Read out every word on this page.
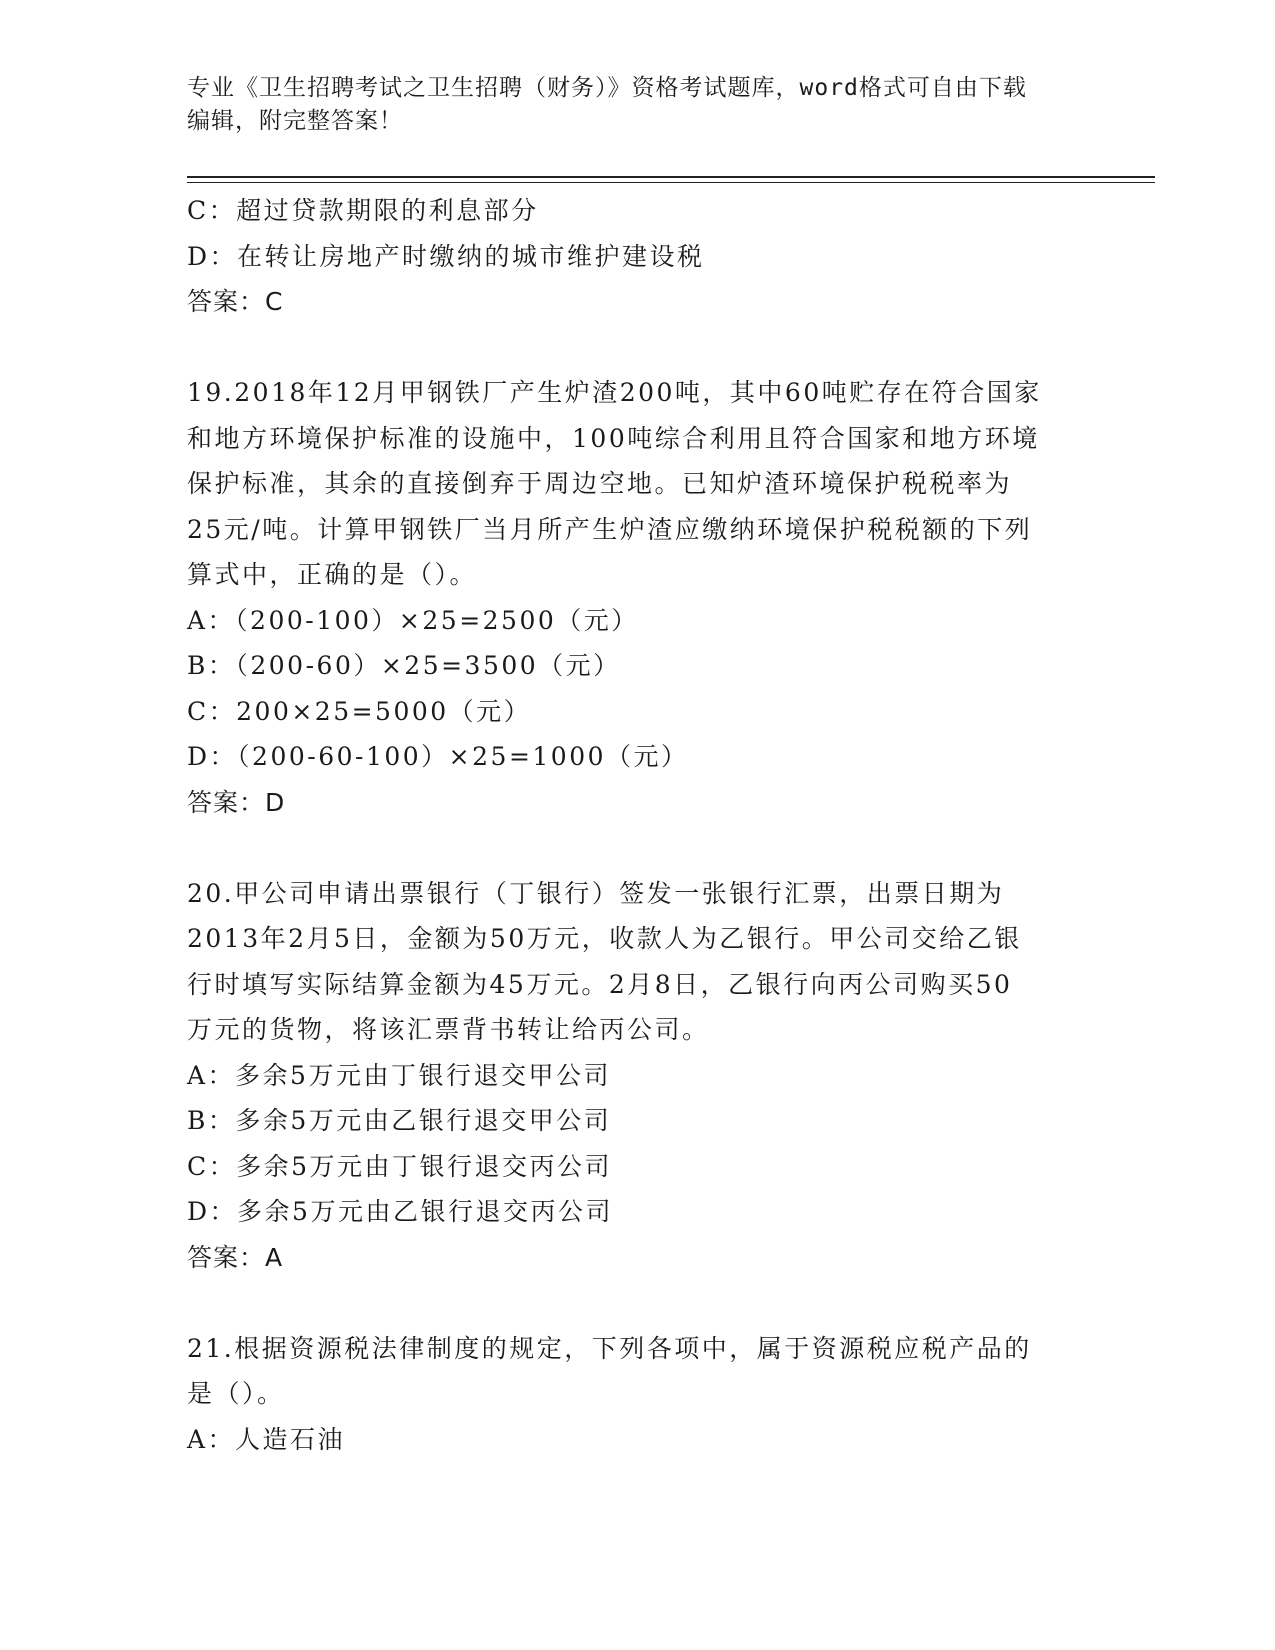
专业《卫生招聘考试之卫生招聘（财务）》资格考试题库，word格式可自由下载
编辑，附完整答案！
C：超过贷款期限的利息部分
D：在转让房地产时缴纳的城市维护建设税
答案：C
19.2018年12月甲钢铁厂产生炉渣200吨，其中60吨贮存在符合国家
和地方环境保护标准的设施中，100吨综合利用且符合国家和地方环境
保护标准，其余的直接倒弃于周边空地。已知炉渣环境保护税税率为
25元/吨。计算甲钢铁厂当月所产生炉渣应缴纳环境保护税税额的下列
算式中，正确的是（）。
A：（200-100）×25=2500（元）
B：（200-60）×25=3500（元）
C：200×25=5000（元）
D：（200-60-100）×25=1000（元）
答案：D
20.甲公司申请出票银行（丁银行）签发一张银行汇票，出票日期为
2013年2月5日，金额为50万元，收款人为乙银行。甲公司交给乙银
行时填写实际结算金额为45万元。2月8日，乙银行向丙公司购买50
万元的货物，将该汇票背书转让给丙公司。
A：多余5万元由丁银行退交甲公司
B：多余5万元由乙银行退交甲公司
C：多余5万元由丁银行退交丙公司
D：多余5万元由乙银行退交丙公司
答案：A
21.根据资源税法律制度的规定，下列各项中，属于资源税应税产品的
是（）。
A：人造石油
